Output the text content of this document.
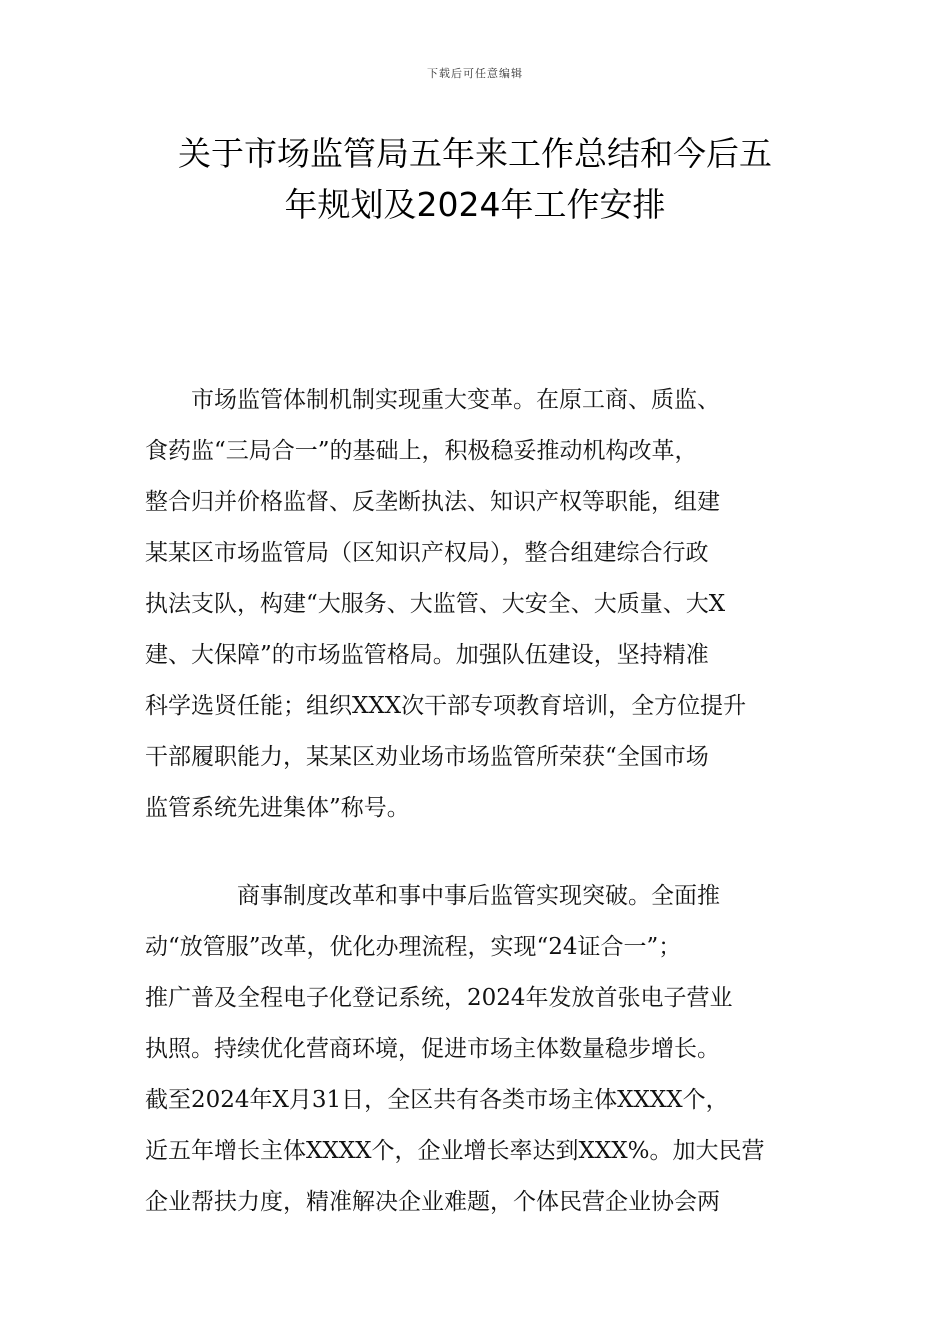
下载后可任意编辑
关于市场监管局五年来工作总结和今后五
年规划及2024年工作安排
　　市场监管体制机制实现重大变革。在原工商、质监、
食药监“三局合一”的基础上，积极稳妥推动机构改革，
整合归并价格监督、反垄断执法、知识产权等职能，组建
某某区市场监管局（区知识产权局），整合组建综合行政
执法支队，构建“大服务、大监管、大安全、大质量、大X
建、大保障”的市场监管格局。加强队伍建设，坚持精准
科学选贤任能；组织XXX次干部专项教育培训，全方位提升
干部履职能力，某某区劝业场市场监管所荣获“全国市场
监管系统先进集体”称号。
　　　　商事制度改革和事中事后监管实现突破。全面推
动“放管服”改革，优化办理流程，实现“24证合一”；
推广普及全程电子化登记系统，2024年发放首张电子营业
执照。持续优化营商环境，促进市场主体数量稳步增长。
截至2024年X月31日，全区共有各类市场主体XXXX个，
近五年增长主体XXXX个，企业增长率达到XXX%。加大民营
企业帮扶力度，精准解决企业难题，个体民营企业协会两
